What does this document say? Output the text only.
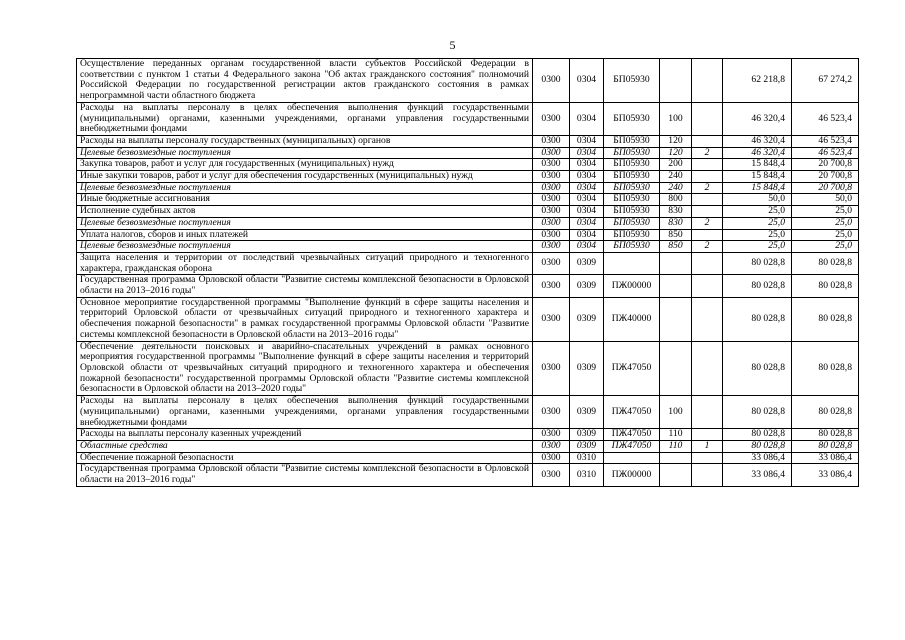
5
Осуществление переданных органам государственной власти субъектов Российской Федерации в соответствии с пунктом 1 статьи 4 Федерального закона "Об актах гражданского состояния" полномочий Российской Федерации по государственной регистрации актов гражданского состояния в рамках непрограммной части областного бюджета	0300	0304	БП05930			62 218,8	67 274,2
Расходы на выплаты персоналу в целях обеспечения выполнения функций государственными (муниципальными) органами, казенными учреждениями, органами управления государственными внебюджетными фондами	0300	0304	БП05930	100		46 320,4	46 523,4
Расходы на выплаты персоналу государственных (муниципальных) органов	0300	0304	БП05930	120		46 320,4	46 523,4
Целевые безвозмездные поступления	0300	0304	БП05930	120	2	46 320,4	46 523,4
Закупка товаров, работ и услуг для государственных (муниципальных) нужд	0300	0304	БП05930	200		15 848,4	20 700,8
Иные закупки товаров, работ и услуг для обеспечения государственных (муниципальных) нужд	0300	0304	БП05930	240		15 848,4	20 700,8
Целевые безвозмездные поступления	0300	0304	БП05930	240	2	15 848,4	20 700,8
Иные бюджетные ассигнования	0300	0304	БП05930	800		50,0	50,0
Исполнение судебных актов	0300	0304	БП05930	830		25,0	25,0
Целевые безвозмездные поступления	0300	0304	БП05930	830	2	25,0	25,0
Уплата налогов, сборов и иных платежей	0300	0304	БП05930	850		25,0	25,0
Целевые безвозмездные поступления	0300	0304	БП05930	850	2	25,0	25,0
Защита населения и территории от последствий чрезвычайных ситуаций природного и техногенного характера, гражданская оборона	0300	0309				80 028,8	80 028,8
Государственная программа Орловской области "Развитие системы комплексной безопасности в Орловской области на 2013–2016 годы"	0300	0309	ПЖ00000			80 028,8	80 028,8
Основное мероприятие государственной программы "Выполнение функций в сфере защиты населения и территорий Орловской области от чрезвычайных ситуаций природного и техногенного характера и обеспечения пожарной безопасности" в рамках государственной программы Орловской области "Развитие системы комплексной безопасности в Орловской области на 2013–2016 годы"	0300	0309	ПЖ40000			80 028,8	80 028,8
Обеспечение деятельности поисковых и аварийно-спасательных учреждений в рамках основного мероприятия государственной программы "Выполнение функций в сфере защиты населения и территорий Орловской области от чрезвычайных ситуаций природного и техногенного характера и обеспечения пожарной безопасности" государственной программы Орловской области "Развитие системы комплексной безопасности в Орловской области на 2013–2020 годы"	0300	0309	ПЖ47050			80 028,8	80 028,8
Расходы на выплаты персоналу в целях обеспечения выполнения функций государственными (муниципальными) органами, казенными учреждениями, органами управления государственными внебюджетными фондами	0300	0309	ПЖ47050	100		80 028,8	80 028,8
Расходы на выплаты персоналу казенных учреждений	0300	0309	ПЖ47050	110		80 028,8	80 028,8
Областные средства	0300	0309	ПЖ47050	110	1	80 028,8	80 028,8
Обеспечение пожарной безопасности	0300	0310				33 086,4	33 086,4
Государственная программа Орловской области "Развитие системы комплексной безопасности в Орловской области на 2013–2016 годы"	0300	0310	ПЖ00000			33 086,4	33 086,4
